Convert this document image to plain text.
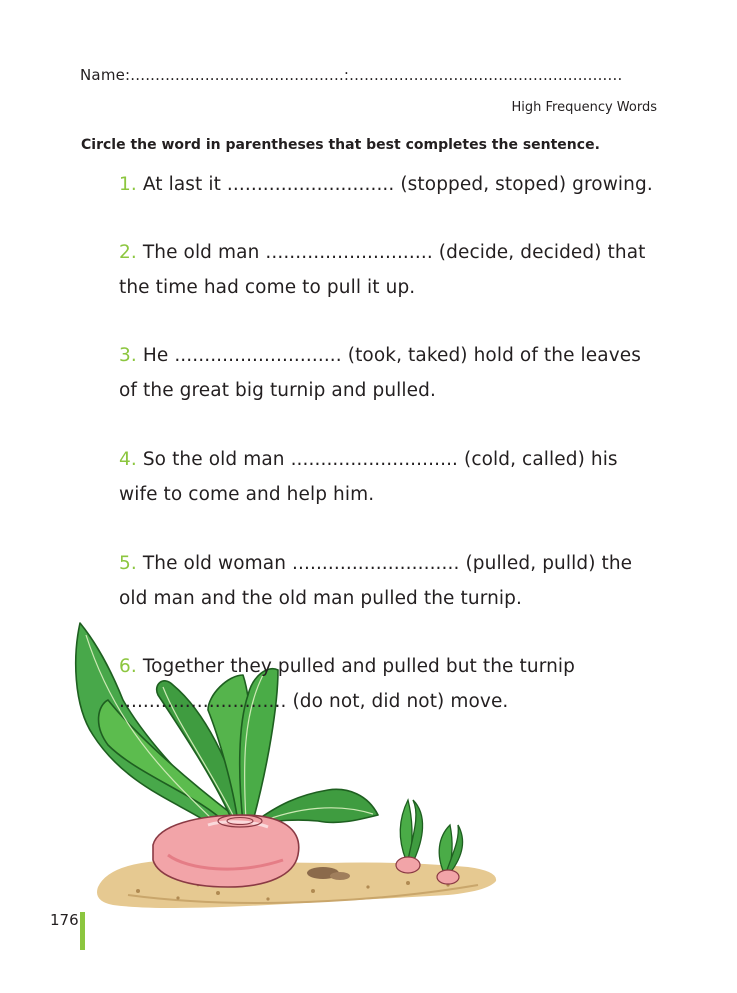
Name:...........................................:.......................................................
High Frequency Words
Circle the word in parentheses that best completes the sentence.
1. At last it ............................ (stopped, stoped) growing.
2. The old man ............................ (decide, decided) that the time had come to pull it up.
3. He ............................ (took, taked) hold of the leaves of the great big turnip and pulled.
4. So the old man ............................ (cold, called) his wife to come and help him.
5. The old woman ............................ (pulled, pulld) the old man and the old man pulled the turnip.
6. Together they pulled and pulled but the turnip ............................ (do not, did not) move.
176
